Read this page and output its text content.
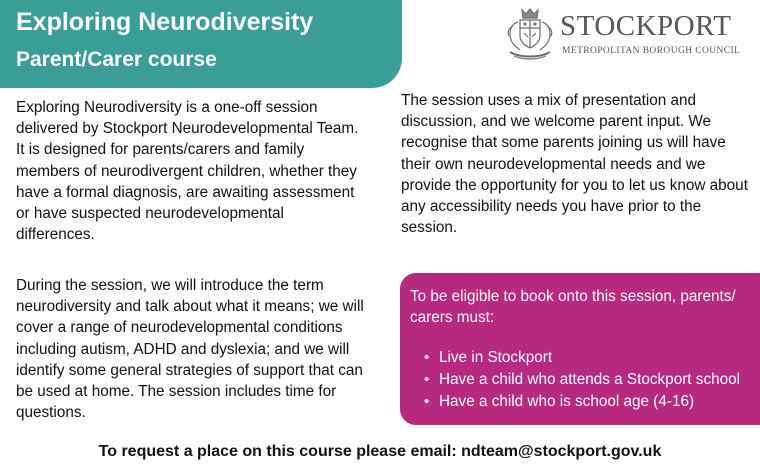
Exploring Neurodiversity
Parent/Carer course
STOCKPORT
METROPOLITAN BOROUGH COUNCIL

Exploring Neurodiversity is a one-off session delivered by Stockport Neurodevelopmental Team. It is designed for parents/carers and family members of neurodivergent children, whether they have a formal diagnosis, are awaiting assessment or have suspected neurodevelopmental differences.

During the session, we will introduce the term neurodiversity and talk about what it means; we will cover a range of neurodevelopmental conditions including autism, ADHD and dyslexia; and we will identify some general strategies of support that can be used at home. The session includes time for questions.

The session uses a mix of presentation and discussion, and we welcome parent input. We recognise that some parents joining us will have their own neurodevelopmental needs and we provide the opportunity for you to let us know about any accessibility needs you have prior to the session.

To be eligible to book onto this session, parents/ carers must:

• Live in Stockport
• Have a child who attends a Stockport school
• Have a child who is school age (4-16)

To request a place on this course please email: ndteam@stockport.gov.uk
